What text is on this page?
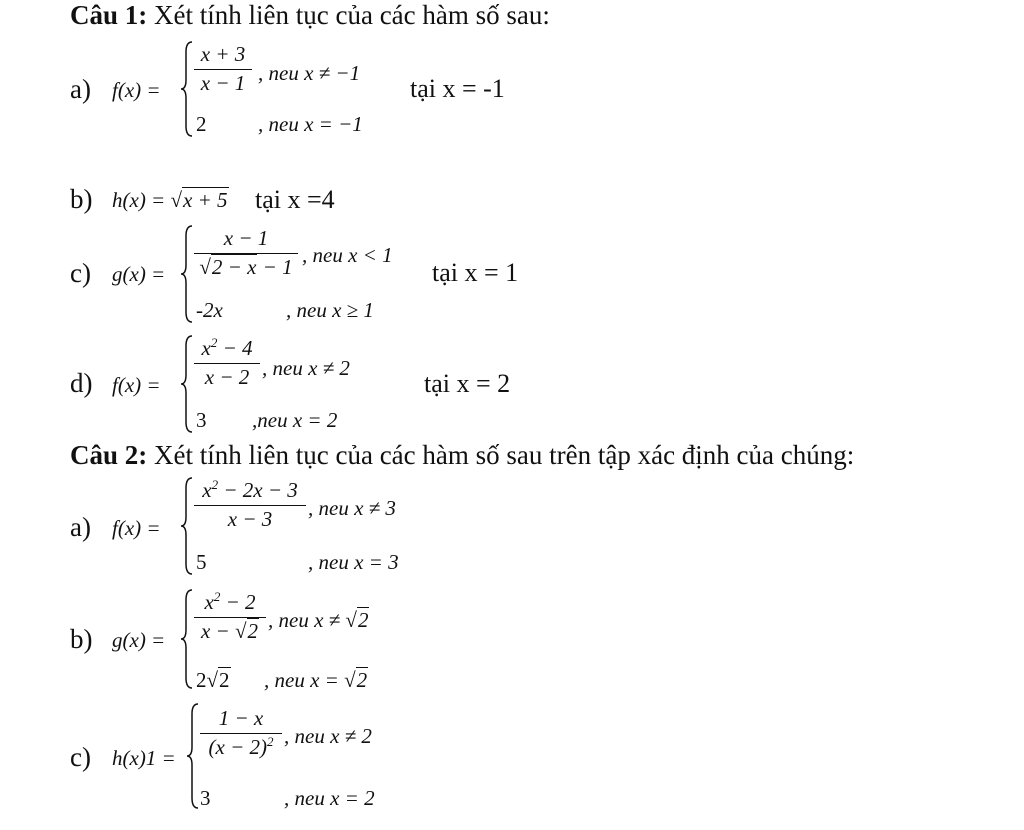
Câu 1: Xét tính liên tục của các hàm số sau:
a) f(x) =
x + 3
x − 1 , neu x ≠ −1
2 , neu x = −1
tại x = -1
b) h(x) = √x + 5 tại x =4
c) g(x) =
x − 1
√2 − x − 1 , neu x < 1
-2x	, neu x ≥ 1
tại x = 1
d) f(x) =
$x^2 - 4$
x − 2 , neu x ≠ 2
3 ,neu x = 2
tại x = 2
Câu 2: Xét tính liên tục của các hàm số sau trên tập xác định của chúng:
a) f(x) =
$x^2 - 2x - 3$
x − 3	, neu x ≠ 3
5	, neu x = 3
b) g(x) =
$x^2 - 2$
x − √2 , neu x ≠ √2
2√2 , neu x = √2
c) h(x)1 =
1 − x
$(x - 2)^2$ , neu x ≠ 2
3	, neu x = 2
